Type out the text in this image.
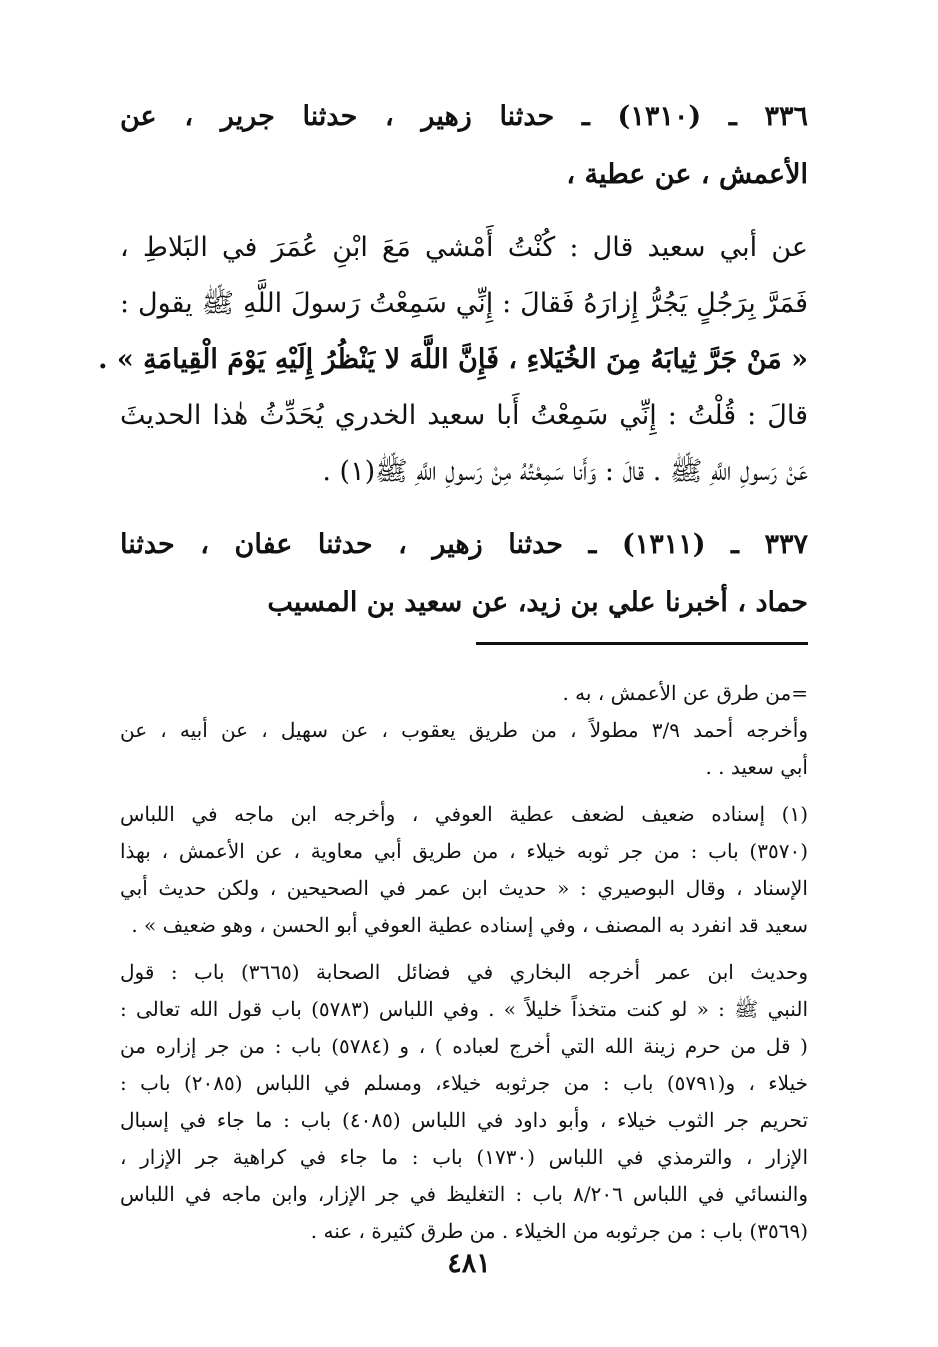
٣٣٦ ـ (١٣١٠) ـ حدثنا زهير ، حدثنا جرير ، عن
الأعمش ، عن عطية ،
عن أبي سعيد قال : كُنْتُ أَمْشي مَعَ ابْنِ عُمَرَ في البَلاطِ ،
فَمَرَّ بِرَجُلٍ يَجُرُّ إِزارَهُ فَقالَ : إِنِّي سَمِعْتُ رَسولَ اللَّهِ ﷺ يقول :
« مَنْ جَرَّ ثِيابَهُ مِنَ الخُيَلاءِ ، فَإِنَّ اللَّهَ لا يَنْظُرُ إِلَيْهِ يَوْمَ الْقِيامَةِ » .
قالَ : قُلْتُ : إِنِّي سَمِعْتُ أَبا سعيد الخدري يُحَدِّثُ هٰذا الحديثَ
عَنْ رَسولِ اللَّهِ ﷺ . قالَ : وَأَنا سَمِعْتُهُ مِنْ رَسولِ اللَّهِ ﷺ(١) .
٣٣٧ ـ (١٣١١) ـ حدثنا زهير ، حدثنا عفان ، حدثنا
حماد ، أخبرنا علي بن زيد، عن سعيد بن المسيب
=من طرق عن الأعمش ، به .
وأخرجه أحمد ٣/٩ مطولاً ، من طريق يعقوب ، عن سهيل ، عن أبيه ، عن
أبي سعيد . .
(١) إسناده ضعيف لضعف عطية العوفي ، وأخرجه ابن ماجه في اللباس
(٣٥٧٠) باب : من جر ثوبه خيلاء ، من طريق أبي معاوية ، عن الأعمش ، بهذا
الإسناد ، وقال البوصيري : « حديث ابن عمر في الصحيحين ، ولكن حديث أبي
سعيد قد انفرد به المصنف ، وفي إسناده عطية العوفي أبو الحسن ، وهو ضعيف » .
وحديث ابن عمر أخرجه البخاري في فضائل الصحابة (٣٦٦٥) باب : قول
النبي ﷺ : « لو كنت متخذاً خليلاً » . وفي اللباس (٥٧٨٣) باب قول الله تعالى :
( قل من حرم زينة الله التي أخرج لعباده ) ، و (٥٧٨٤) باب : من جر إزاره من
خيلاء ، و(٥٧٩١) باب : من جرثوبه خيلاء، ومسلم في اللباس (٢٠٨٥) باب :
تحريم جر الثوب خيلاء ، وأبو داود في اللباس (٤٠٨٥) باب : ما جاء في إسبال
الإزار ، والترمذي في اللباس (١٧٣٠) باب : ما جاء في كراهية جر الإزار ،
والنسائي في اللباس ٨/٢٠٦ باب : التغليظ في جر الإزار، وابن ماجه في اللباس
(٣٥٦٩) باب : من جرثوبه من الخيلاء . من طرق كثيرة ، عنه .
٤٨١
